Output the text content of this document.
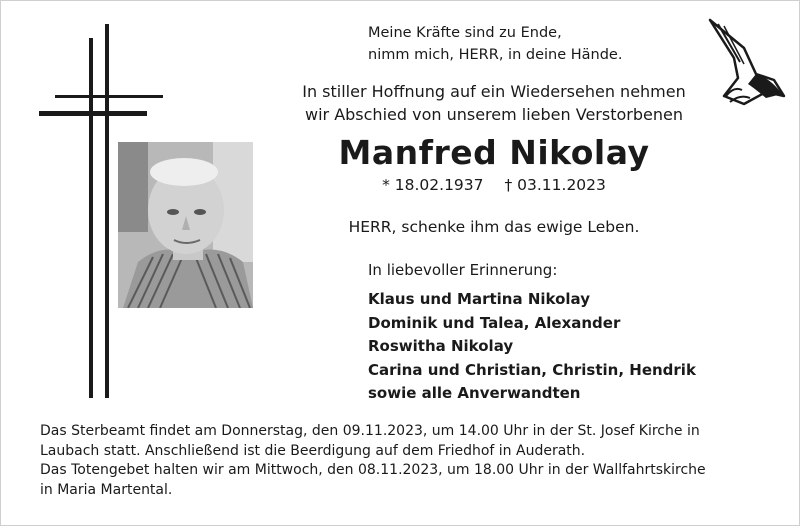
Meine Kräfte sind zu Ende,
nimm mich, HERR, in deine Hände.
In stiller Hoffnung auf ein Wiedersehen nehmen
wir Abschied von unserem lieben Verstorbenen
Manfred Nikolay
* 18.02.1937 † 03.11.2023
HERR, schenke ihm das ewige Leben.
In liebevoller Erinnerung:
Klaus und Martina Nikolay
Dominik und Talea, Alexander
Roswitha Nikolay
Carina und Christian, Christin, Hendrik
sowie alle Anverwandten
Das Sterbeamt findet am Donnerstag, den 09.11.2023, um 14.00 Uhr in der St. Josef Kirche in
Laubach statt. Anschließend ist die Beerdigung auf dem Friedhof in Auderath.
Das Totengebet halten wir am Mittwoch, den 08.11.2023, um 18.00 Uhr in der Wallfahrtskirche
in Maria Martental.
